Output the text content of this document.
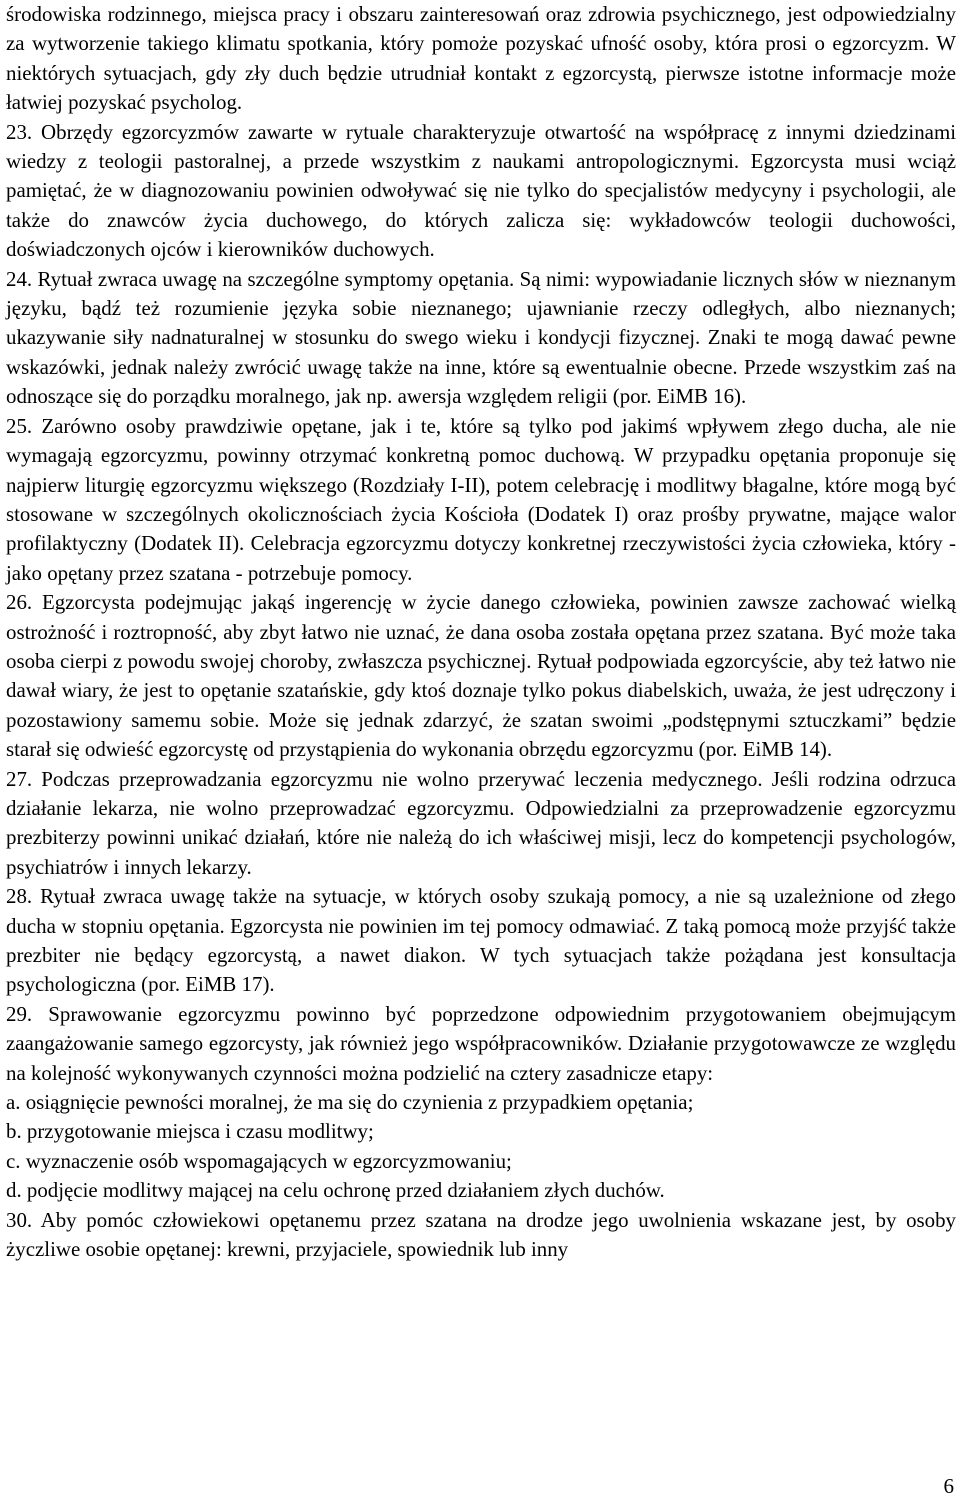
środowiska rodzinnego, miejsca pracy i obszaru zainteresowań oraz zdrowia psychicznego, jest odpowiedzialny za wytworzenie takiego klimatu spotkania, który pomoże pozyskać ufność osoby, która prosi o egzorcyzm. W niektórych sytuacjach, gdy zły duch będzie utrudniał kontakt z egzorcystą, pierwsze istotne informacje może łatwiej pozyskać psycholog.

23. Obrzędy egzorcyzmów zawarte w rytuale charakteryzuje otwartość na współpracę z innymi dziedzinami wiedzy z teologii pastoralnej, a przede wszystkim z naukami antropologicznymi. Egzorcysta musi wciąż pamiętać, że w diagnozowaniu powinien odwoływać się nie tylko do specjalistów medycyny i psychologii, ale także do znawców życia duchowego, do których zalicza się: wykładowców teologii duchowości, doświadczonych ojców i kierowników duchowych.

24. Rytuał zwraca uwagę na szczególne symptomy opętania. Są nimi: wypowiadanie licznych słów w nieznanym języku, bądź też rozumienie języka sobie nieznanego; ujawnianie rzeczy odległych, albo nieznanych; ukazywanie siły nadnaturalnej w stosunku do swego wieku i kondycji fizycznej. Znaki te mogą dawać pewne wskazówki, jednak należy zwrócić uwagę także na inne, które są ewentualnie obecne. Przede wszystkim zaś na odnoszące się do porządku moralnego, jak np. awersja względem religii (por. EiMB 16).

25. Zarówno osoby prawdziwie opętane, jak i te, które są tylko pod jakimś wpływem złego ducha, ale nie wymagają egzorcyzmu, powinny otrzymać konkretną pomoc duchową. W przypadku opętania proponuje się najpierw liturgię egzorcyzmu większego (Rozdziały I-II), potem celebrację i modlitwy błagalne, które mogą być stosowane w szczególnych okolicznościach życia Kościoła (Dodatek I) oraz prośby prywatne, mające walor profilaktyczny (Dodatek II). Celebracja egzorcyzmu dotyczy konkretnej rzeczywistości życia człowieka, który - jako opętany przez szatana - potrzebuje pomocy.

26. Egzorcysta podejmując jakąś ingerencję w życie danego człowieka, powinien zawsze zachować wielką ostrożność i roztropność, aby zbyt łatwo nie uznać, że dana osoba została opętana przez szatana. Być może taka osoba cierpi z powodu swojej choroby, zwłaszcza psychicznej. Rytuał podpowiada egzorcyście, aby też łatwo nie dawał wiary, że jest to opętanie szatańskie, gdy ktoś doznaje tylko pokus diabelskich, uważa, że jest udręczony i pozostawiony samemu sobie. Może się jednak zdarzyć, że szatan swoimi „podstępnymi sztuczkami” będzie starał się odwieść egzorcystę od przystąpienia do wykonania obrzędu egzorcyzmu (por. EiMB 14).

27. Podczas przeprowadzania egzorcyzmu nie wolno przerywać leczenia medycznego. Jeśli rodzina odrzuca działanie lekarza, nie wolno przeprowadzać egzorcyzmu. Odpowiedzialni za przeprowadzenie egzorcyzmu prezbiterzy powinni unikać działań, które nie należą do ich właściwej misji, lecz do kompetencji psychologów, psychiatrów i innych lekarzy.

28. Rytuał zwraca uwagę także na sytuacje, w których osoby szukają pomocy, a nie są uzależnione od złego ducha w stopniu opętania. Egzorcysta nie powinien im tej pomocy odmawiać. Z taką pomocą może przyjść także prezbiter nie będący egzorcystą, a nawet diakon. W tych sytuacjach także pożądana jest konsultacja psychologiczna (por. EiMB 17).

29. Sprawowanie egzorcyzmu powinno być poprzedzone odpowiednim przygotowaniem obejmującym zaangażowanie samego egzorcysty, jak również jego współpracowników. Działanie przygotowawcze ze względu na kolejność wykonywanych czynności można podzielić na cztery zasadnicze etapy:

a. osiągnięcie pewności moralnej, że ma się do czynienia z przypadkiem opętania;

b. przygotowanie miejsca i czasu modlitwy;

c. wyznaczenie osób wspomagających w egzorcyzmowaniu;

d. podjęcie modlitwy mającej na celu ochronę przed działaniem złych duchów.

30. Aby pomóc człowiekowi opętanemu przez szatana na drodze jego uwolnienia wskazane jest, by osoby życzliwe osobie opętanej: krewni, przyjaciele, spowiednik lub inny

6
